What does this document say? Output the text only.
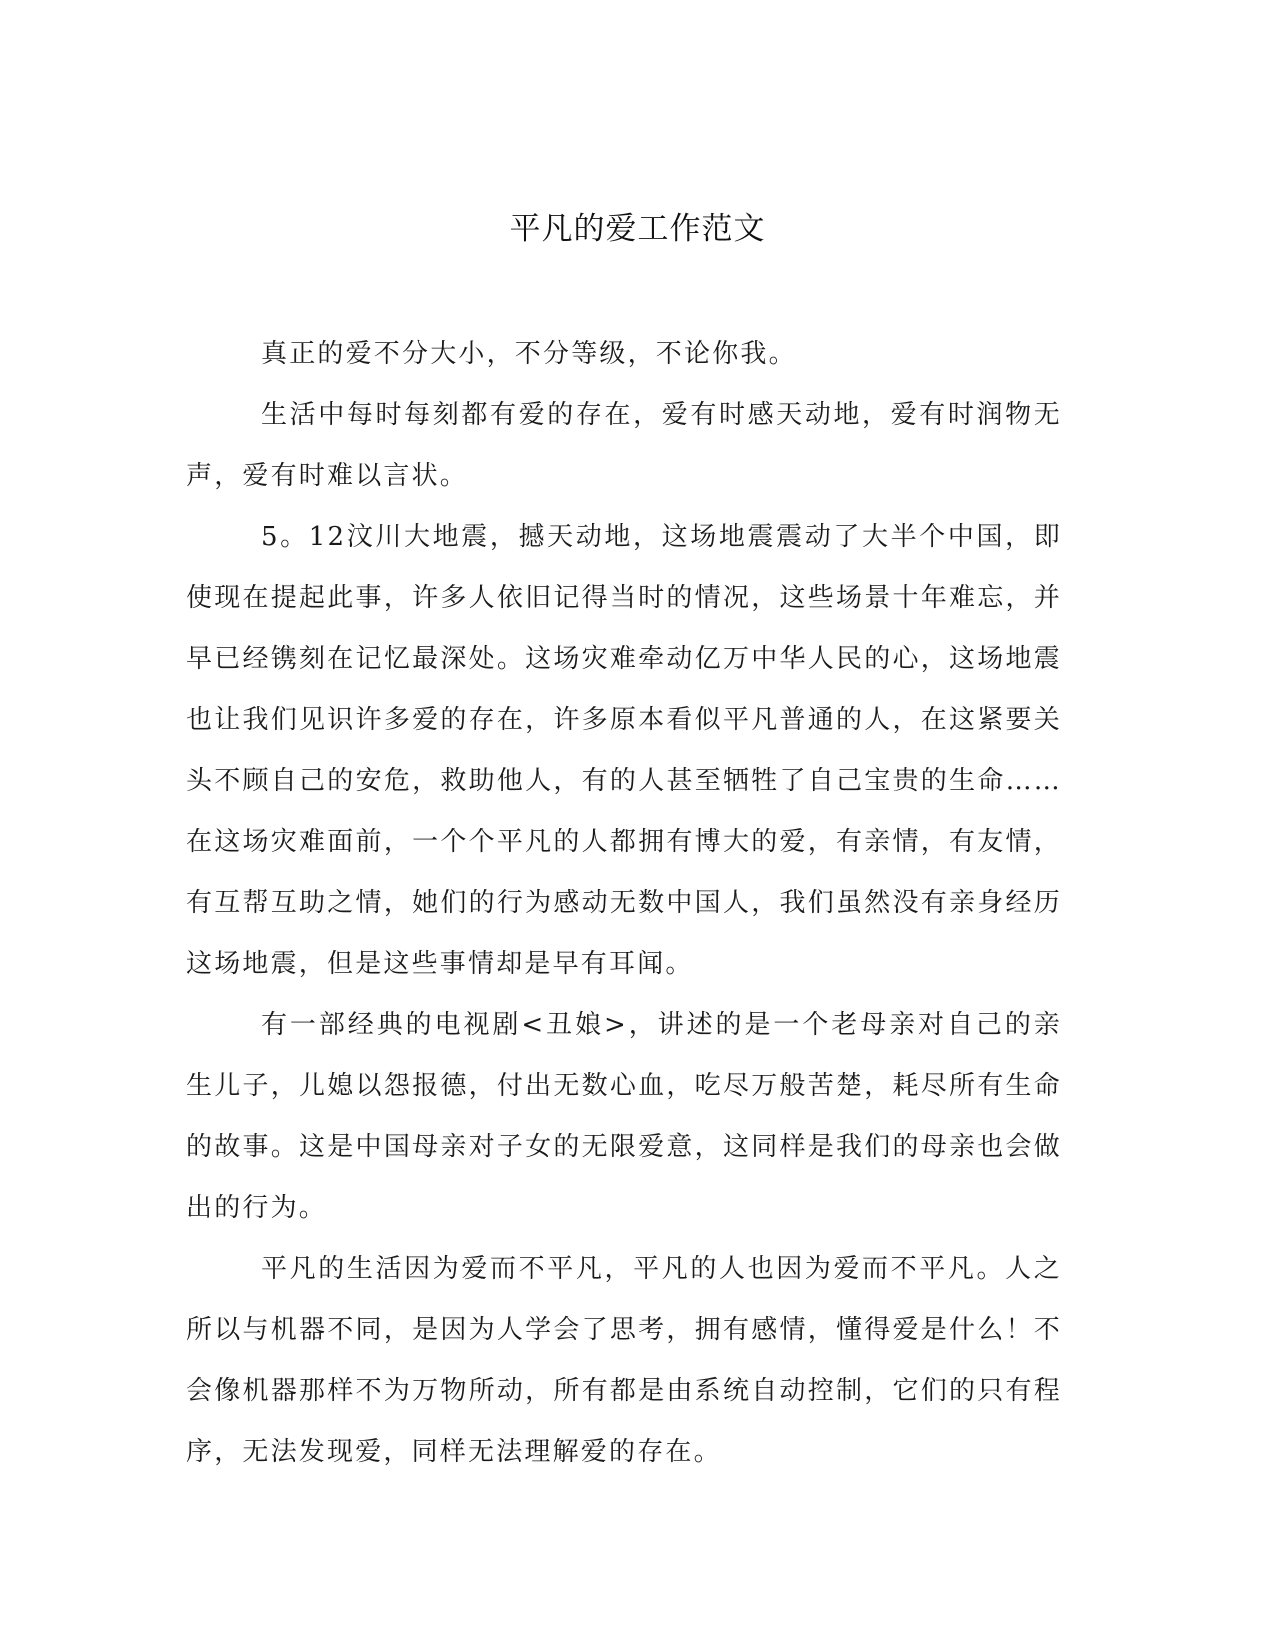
平凡的爱工作范文

真正的爱不分大小，不分等级，不论你我。

生活中每时每刻都有爱的存在，爱有时感天动地，爱有时润物无声，爱有时难以言状。

5。12汶川大地震，撼天动地，这场地震震动了大半个中国，即使现在提起此事，许多人依旧记得当时的情况，这些场景十年难忘，并早已经镌刻在记忆最深处。这场灾难牵动亿万中华人民的心，这场地震也让我们见识许多爱的存在，许多原本看似平凡普通的人，在这紧要关头不顾自己的安危，救助他人，有的人甚至牺牲了自己宝贵的生命……在这场灾难面前，一个个平凡的人都拥有博大的爱，有亲情，有友情，有互帮互助之情，她们的行为感动无数中国人，我们虽然没有亲身经历这场地震，但是这些事情却是早有耳闻。

有一部经典的电视剧<丑娘>，讲述的是一个老母亲对自己的亲生儿子，儿媳以怨报德，付出无数心血，吃尽万般苦楚，耗尽所有生命的故事。这是中国母亲对子女的无限爱意，这同样是我们的母亲也会做出的行为。

平凡的生活因为爱而不平凡，平凡的人也因为爱而不平凡。人之所以与机器不同，是因为人学会了思考，拥有感情，懂得爱是什么！不会像机器那样不为万物所动，所有都是由系统自动控制，它们的只有程序，无法发现爱，同样无法理解爱的存在。
